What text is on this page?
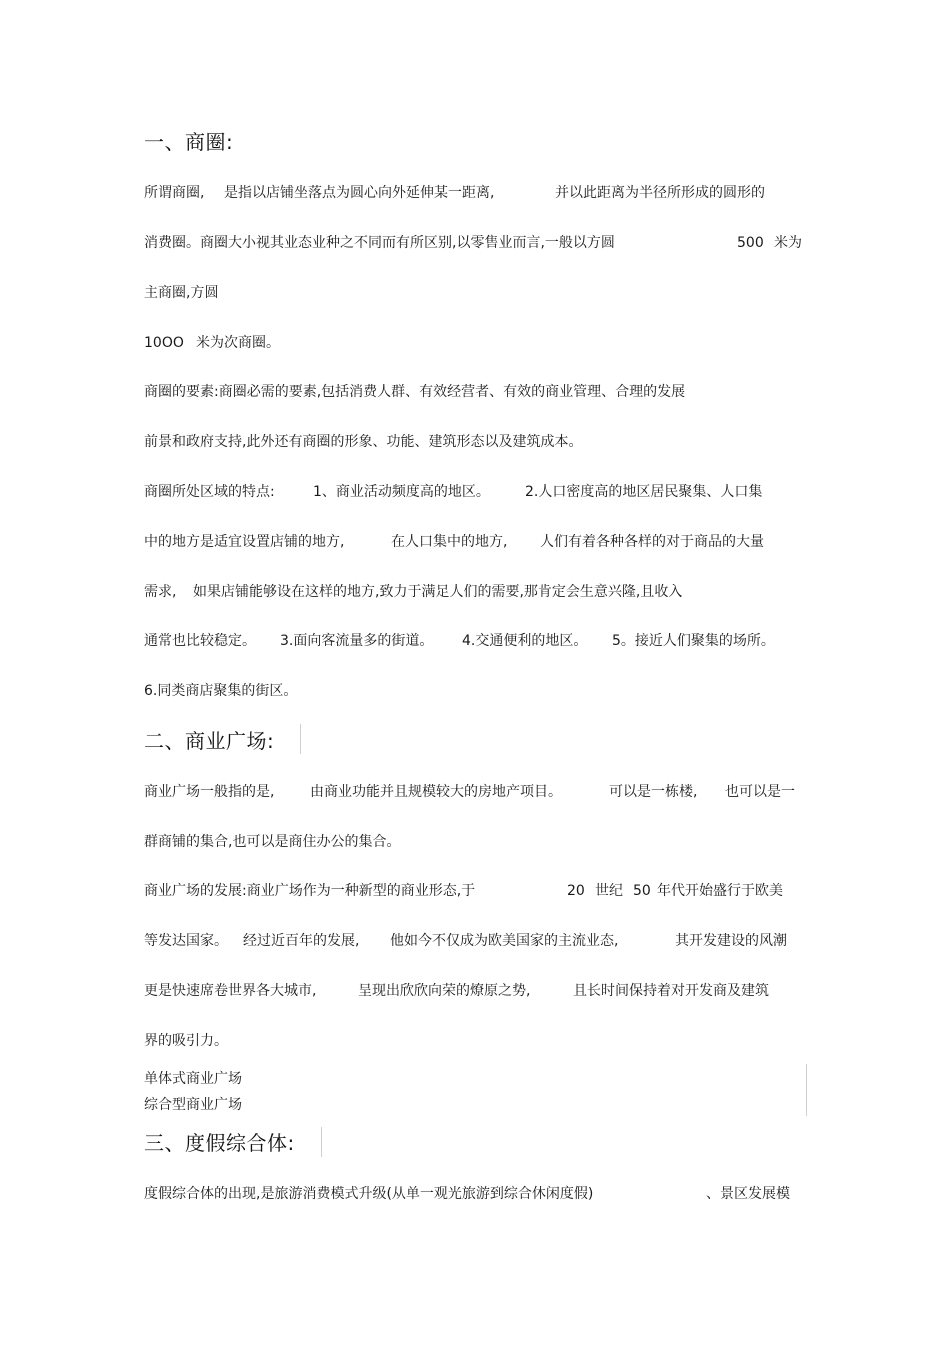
一、商圈:
所谓商圈, 是指以店铺坐落点为圆心向外延伸某一距离,	并以此距离为半径所形成的圆形的
消费圈。商圈大小视其业态业种之不同而有所区别,以零售业而言,一般以方圆	500 米为
主商圈,方圆
10OO 米为次商圈。
商圈的要素:商圈必需的要素,包括消费人群、有效经营者、有效的商业管理、合理的发展
前景和政府支持,此外还有商圈的形象、功能、建筑形态以及建筑成本。
商圈所处区域的特点:	1、商业活动频度高的地区。	2.人口密度高的地区居民聚集、人口集
中的地方是适宜设置店铺的地方,	在人口集中的地方, 人们有着各种各样的对于商品的大量
需求, 如果店铺能够设在这样的地方,致力于满足人们的需要,那肯定会生意兴隆,且收入
通常也比较稳定。 3.面向客流量多的街道。 4.交通便利的地区。 5。接近人们聚集的场所。
6.同类商店聚集的街区。
二、商业广场:
商业广场一般指的是,	由商业功能并且规模较大的房地产项目。	可以是一栋楼, 也可以是一
群商铺的集合,也可以是商住办公的集合。
商业广场的发展:商业广场作为一种新型的商业形态,于	20 世纪 50 年代开始盛行于欧美
等发达国家。 经过近百年的发展, 他如今不仅成为欧美国家的主流业态,	其开发建设的风潮
更是快速席卷世界各大城市,	呈现出欣欣向荣的燎原之势,	且长时间保持着对开发商及建筑
界的吸引力。
单体式商业广场
综合型商业广场
三、度假综合体:
度假综合体的出现,是旅游消费模式升级(从单一观光旅游到综合休闲度假)	、景区发展模
